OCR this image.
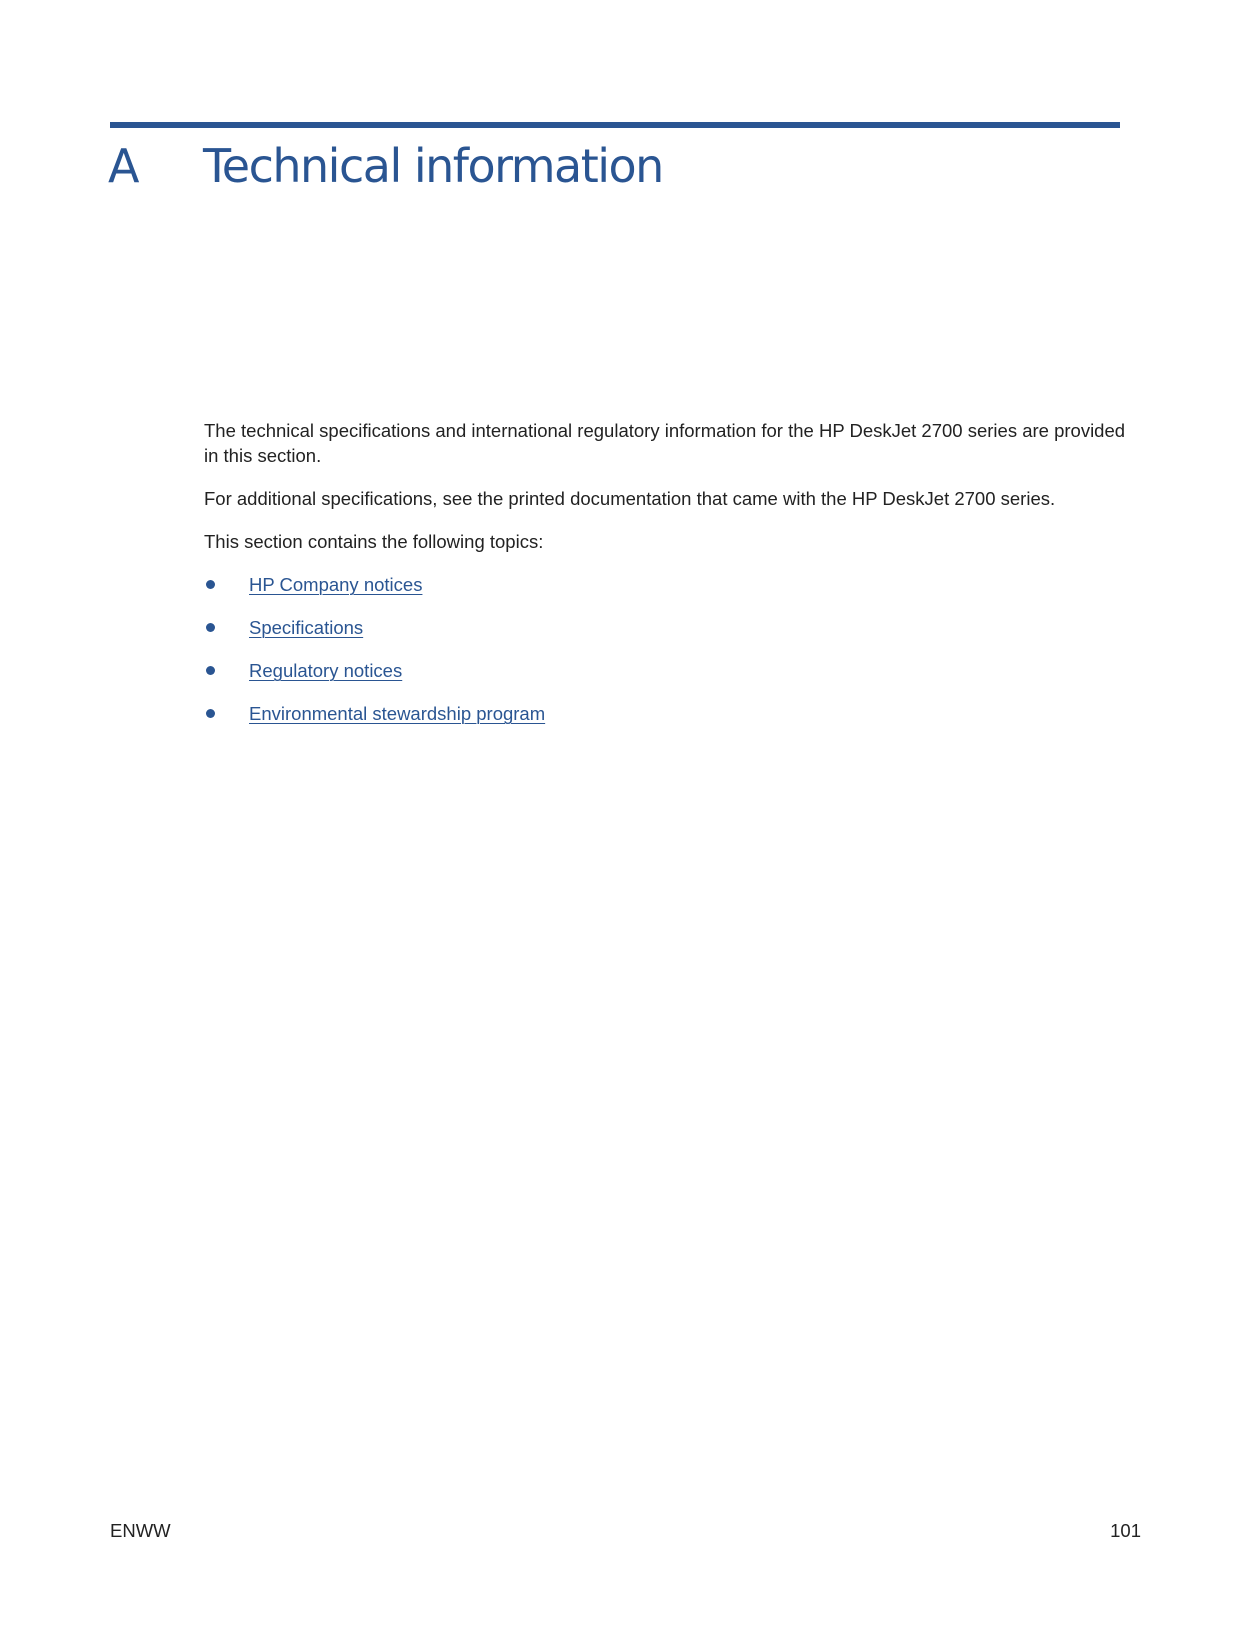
A Technical information

The technical specifications and international regulatory information for the HP DeskJet 2700 series are provided in this section.

For additional specifications, see the printed documentation that came with the HP DeskJet 2700 series.

This section contains the following topics:

HP Company notices
Specifications
Regulatory notices
Environmental stewardship program
ENWW	101
